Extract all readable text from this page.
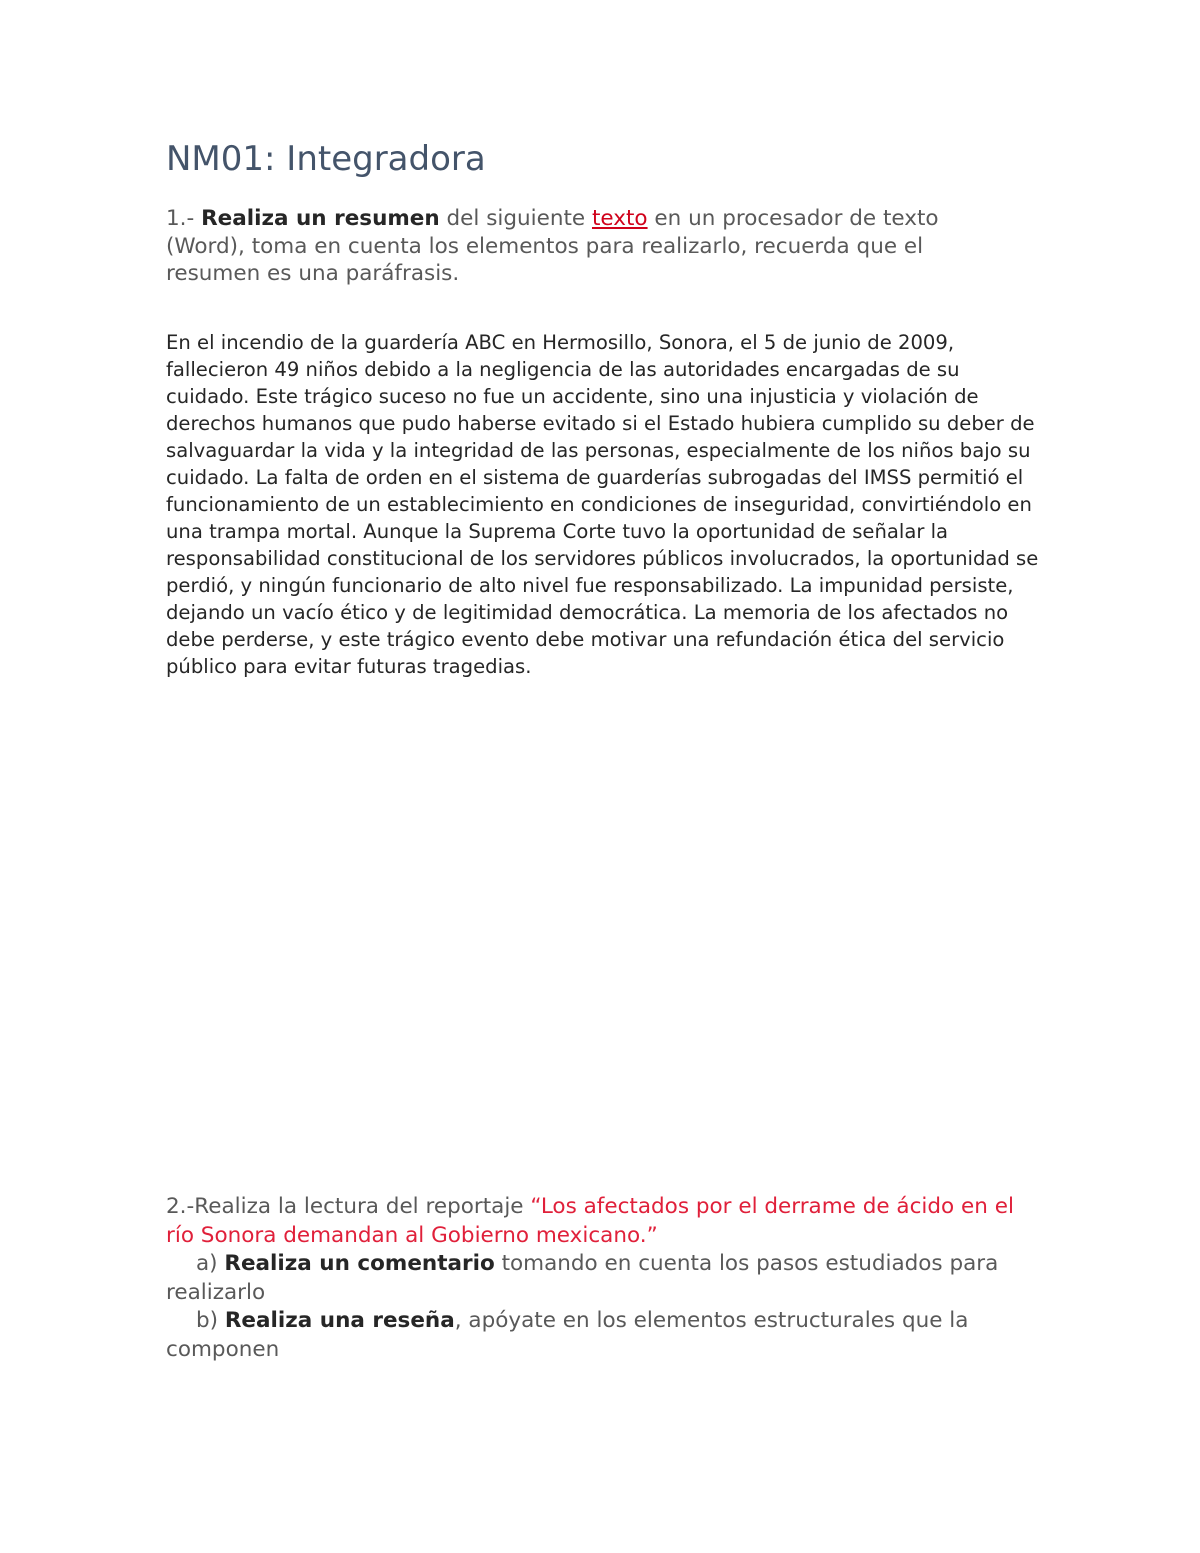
NM01: Integradora

1.- Realiza un resumen del siguiente texto en un procesador de texto (Word), toma en cuenta los elementos para realizarlo, recuerda que el resumen es una paráfrasis.

En el incendio de la guardería ABC en Hermosillo, Sonora, el 5 de junio de 2009, fallecieron 49 niños debido a la negligencia de las autoridades encargadas de su cuidado. Este trágico suceso no fue un accidente, sino una injusticia y violación de derechos humanos que pudo haberse evitado si el Estado hubiera cumplido su deber de salvaguardar la vida y la integridad de las personas, especialmente de los niños bajo su cuidado. La falta de orden en el sistema de guarderías subrogadas del IMSS permitió el funcionamiento de un establecimiento en condiciones de inseguridad, convirtiéndolo en una trampa mortal. Aunque la Suprema Corte tuvo la oportunidad de señalar la responsabilidad constitucional de los servidores públicos involucrados, la oportunidad se perdió, y ningún funcionario de alto nivel fue responsabilizado. La impunidad persiste, dejando un vacío ético y de legitimidad democrática. La memoria de los afectados no debe perderse, y este trágico evento debe motivar una refundación ética del servicio público para evitar futuras tragedias.

2.-Realiza la lectura del reportaje “Los afectados por el derrame de ácido en el río Sonora demandan al Gobierno mexicano.”
a) Realiza un comentario tomando en cuenta los pasos estudiados para realizarlo
b) Realiza una reseña, apóyate en los elementos estructurales que la componen
